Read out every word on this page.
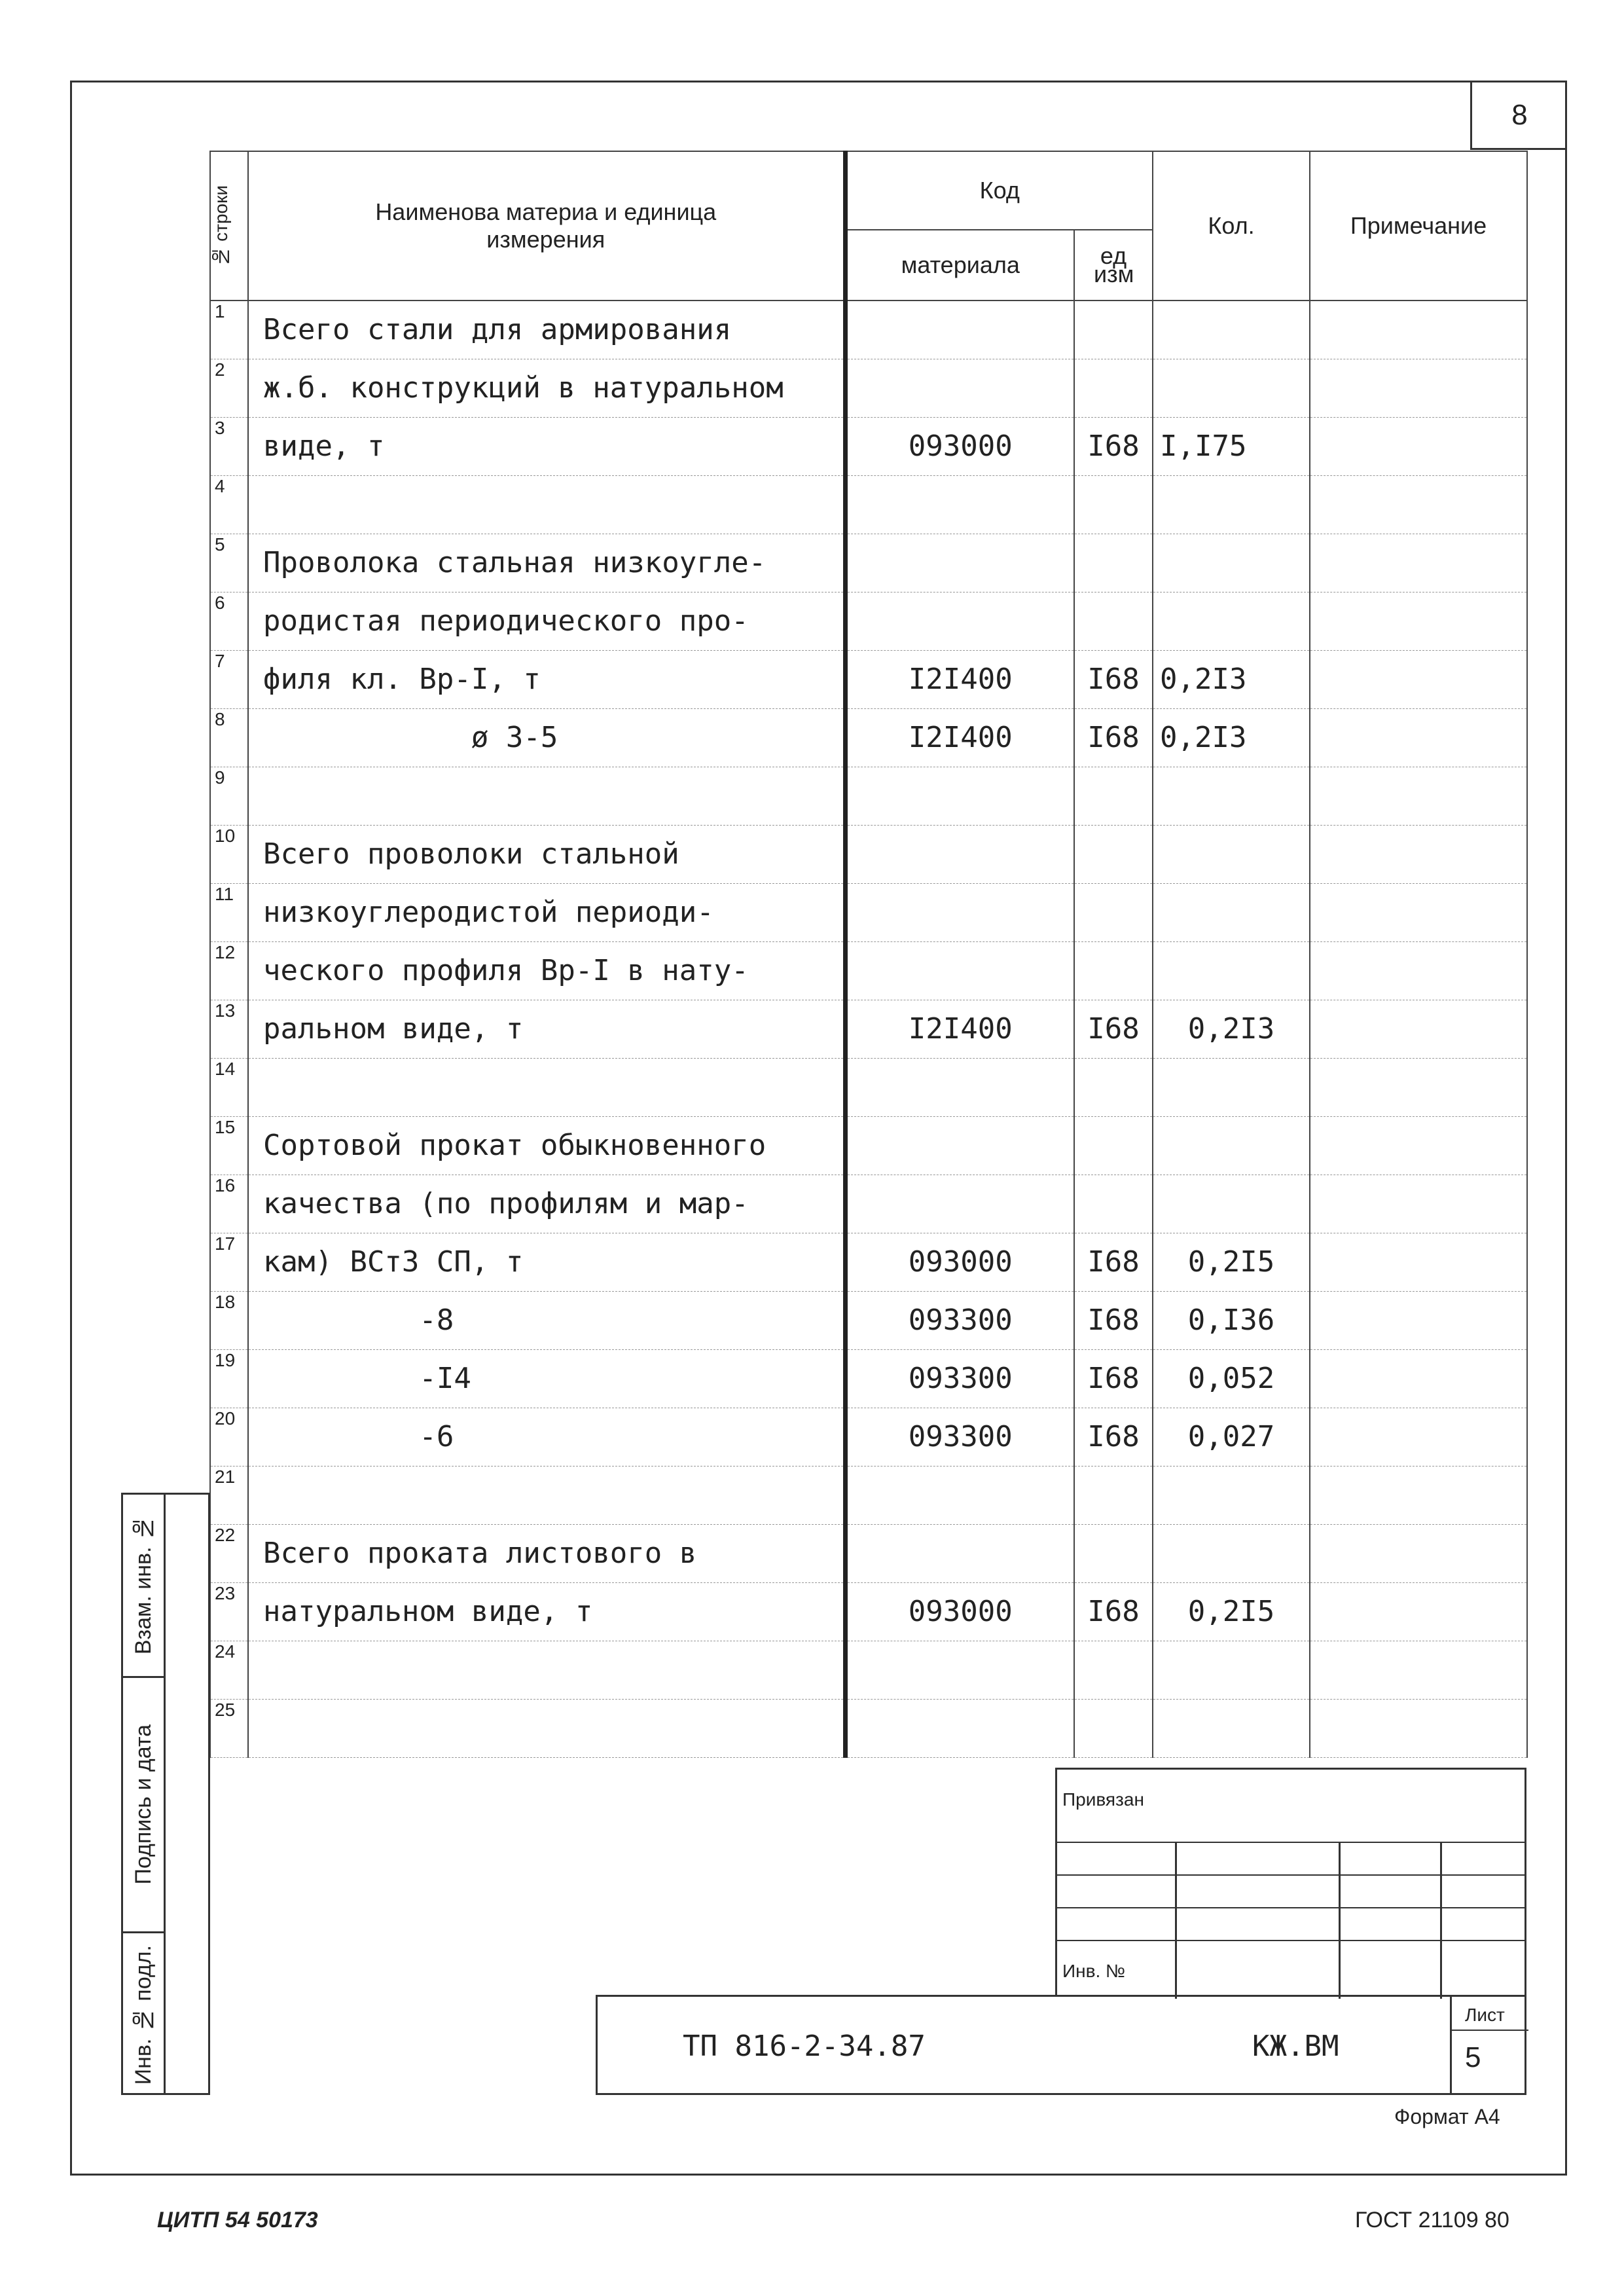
8
№ строки	Наименова⁠⁠ материа⁠ и единица измерения	Код		Кол.	Примечание
		материала	ед изм		

1	Всего стали для армирования				
2	ж.б. конструкций в натуральном				
3	виде, т	093000	I68	I,I75	
4					
5	Проволока стальная низкоугле-				
6	родистая периодического про-				
7	филя кл. Вр-I, т	I2I400	I68	0,2I3	
8	ø 3-5	I2I400	I68	0,2I3	
9					
10	Всего проволоки стальной				
11	низкоуглеродистой периоди-				
12	ческого профиля Вр-I в нату-				
13	ральном виде, т	I2I400	I68	0,2I3	
14					
15	Сортовой прокат обыкновенного				
16	качества (по профилям и мар-				
17	кам) ВСт3 СП, т	093000	I68	0,2I5	
18	-8	093300	I68	0,I36	
19	-I4	093300	I68	0,052	
20	-6	093300	I68	0,027	
21					
22	Всего проката листового в				
23	натуральном виде, т	093000	I68	0,2I5	
24					
25					
Взам. инв. №
Подпись и дата
Инв. № подл.
Привязан
Инв. №
ТП 816-2-34.87	КЖ.ВМ
Лист
5
Формат А4
ЦИТП 54 50173	ГОСТ 21109 80
